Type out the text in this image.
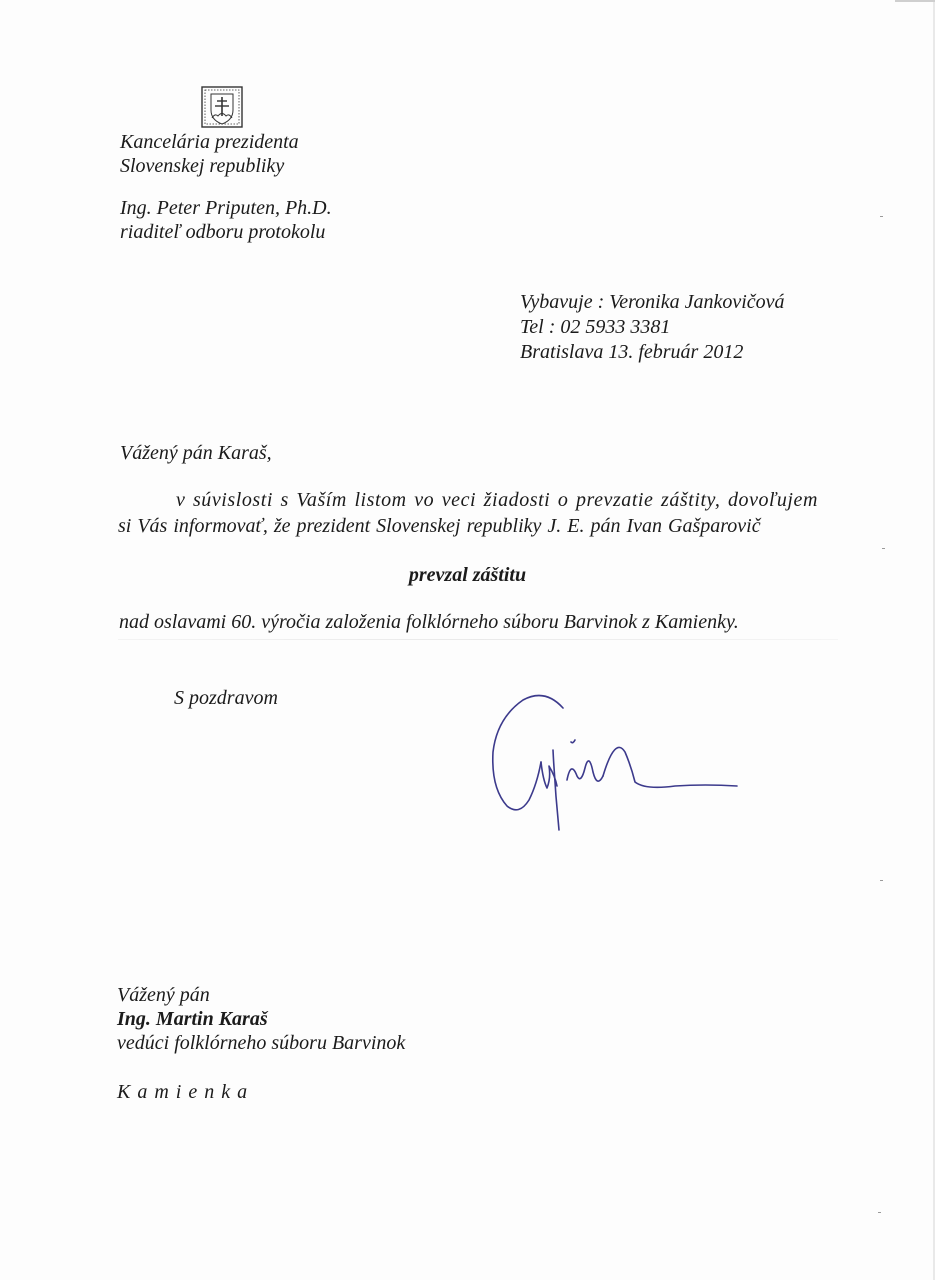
Kancelária prezidenta
Slovenskej republiky
Ing. Peter Priputen, Ph.D.
riaditeľ odboru protokolu
Vybavuje : Veronika Jankovičová
Tel : 02 5933 3381
Bratislava 13. február 2012
Vážený pán Karaš,
v súvislosti s Vaším listom vo veci žiadosti o prevzatie záštity, dovoľujem
si Vás informovať, že prezident Slovenskej republiky J. E. pán Ivan Gašparovič
prevzal záštitu
nad oslavami 60. výročia založenia folklórneho súboru Barvinok z Kamienky.
S pozdravom
Vážený pán
Ing. Martin Karaš
vedúci folklórneho súboru Barvinok
Kamienka
